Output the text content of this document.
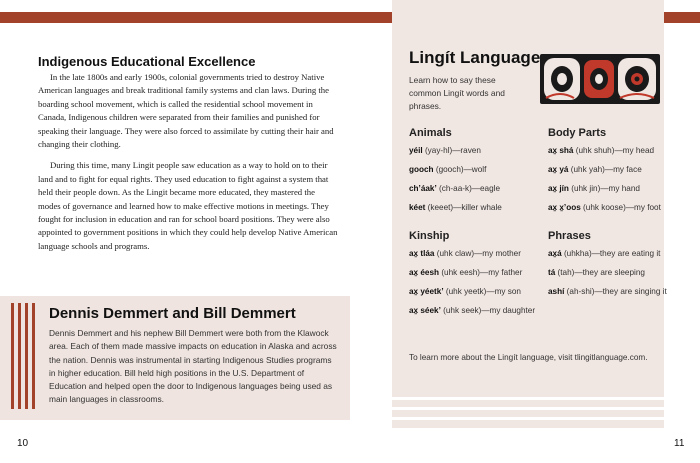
Indigenous Educational Excellence

In the late 1800s and early 1900s, colonial governments tried to destroy Native American languages and break traditional family systems and clan laws. During the boarding school movement, which is called the residential school movement in Canada, Indigenous children were separated from their families and punished for speaking their language. They were also forced to assimilate by cutting their hair and changing their clothing.

During this time, many Lingit people saw education as a way to hold on to their land and to fight for equal rights. They used education to fight against a system that held their people down. As the Lingit became more educated, they mastered the modes of governance and learned how to make effective motions in meetings. They fought for inclusion in education and ran for school board positions. They were also appointed to government positions in which they could help develop Native American language schools and programs.

Dennis Demmert and Bill Demmert
Dennis Demmert and his nephew Bill Demmert were both from the Klawock area. Each of them made massive impacts on education in Alaska and across the nation. Dennis was instrumental in starting Indigenous Studies programs in higher education. Bill held high positions in the U.S. Department of Education and helped open the door to Indigenous languages being used as main languages in classrooms.
10
Lingít Language
Learn how to say these common Lingít words and phrases.
Animals
yéil (yay-hl)—raven
gooch (gooch)—wolf
ch’áak’ (ch-aa-k)—eagle
kéet (keeet)—killer whale
Body Parts
ax̱ shá (uhk shuh)—my head
ax̱ yá (uhk yah)—my face
ax̱ jín (uhk jin)—my hand
ax̱ x̱’oos (uhk koose)—my foot
Kinship
ax̱ tláa (uhk claw)—my mother
ax̱ éesh (uhk eesh)—my father
ax̱ yéetk’ (uhk yeetk)—my son
ax̱ séek’ (uhk seek)—my daughter
Phrases
ax̱á (uhkha)—they are eating it
tá (tah)—they are sleeping
ashí (ah-shi)—they are singing it
To learn more about the Lingít language, visit tlingitlanguage.com.
11
